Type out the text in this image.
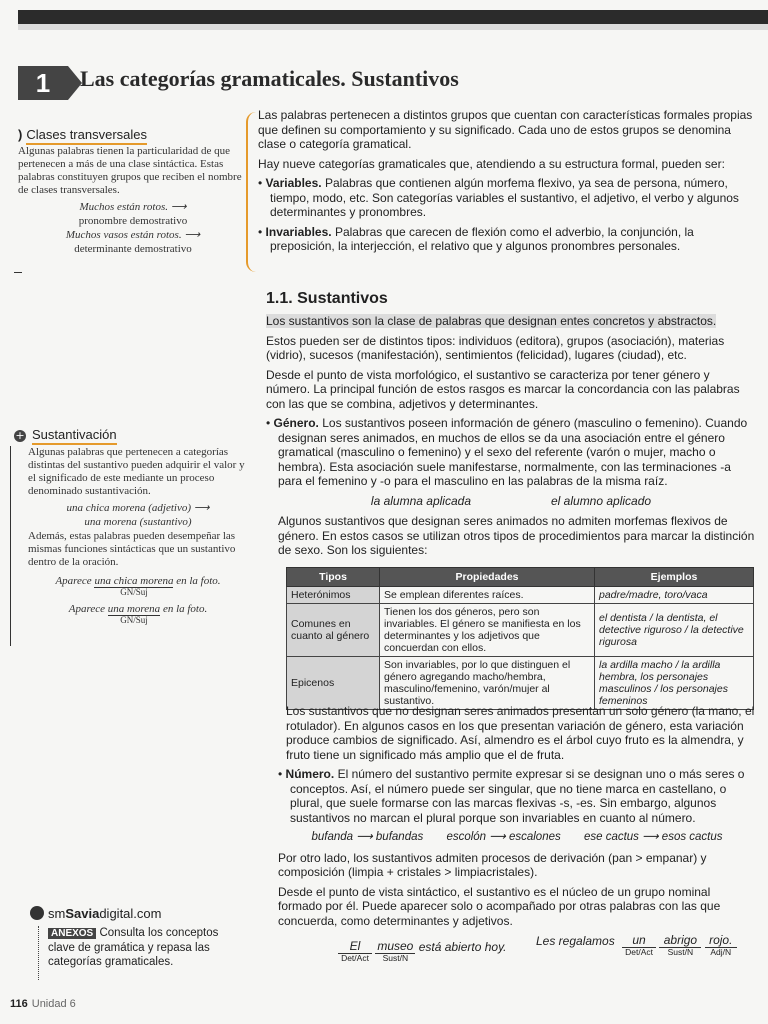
1	Las categorías gramaticales. Sustantivos
) Clases transversales
Algunas palabras tienen la particularidad de que pertenecen a más de una clase sintáctica. Estas palabras constituyen grupos que reciben el nombre de clases transversales.
Muchos están rotos. ⟶
pronombre demostrativo
Muchos vasos están rotos. ⟶
determinante demostrativo
+ Sustantivación
Algunas palabras que pertenecen a categorías distintas del sustantivo pueden adquirir el valor y el significado de este mediante un proceso denominado sustantivación.
una chica morena (adjetivo) ⟶
una morena (sustantivo)
Además, estas palabras pueden desempeñar las mismas funciones sintácticas que un sustantivo dentro de la oración.
Aparece una chica morena
GN/Suj en la foto.
Aparece una morena
GN/Suj en la foto.
Las palabras pertenecen a distintos grupos que cuentan con características formales propias que definen su comportamiento y su significado. Cada uno de estos grupos se denomina clase o categoría gramatical.
Hay nueve categorías gramaticales que, atendiendo a su estructura formal, pueden ser:
• Variables. Palabras que contienen algún morfema flexivo, ya sea de persona, número, tiempo, modo, etc. Son categorías variables el sustantivo, el adjetivo, el verbo y algunos determinantes y pronombres.
• Invariables. Palabras que carecen de flexión como el adverbio, la conjunción, la preposición, la interjección, el relativo que y algunos pronombres personales.
1.1. Sustantivos
Los sustantivos son la clase de palabras que designan entes concretos y abstractos.
Estos pueden ser de distintos tipos: individuos (editora), grupos (asociación), materias (vidrio), sucesos (manifestación), sentimientos (felicidad), lugares (ciudad), etc.
Desde el punto de vista morfológico, el sustantivo se caracteriza por tener género y número. La principal función de estos rasgos es marcar la concordancia con las palabras con las que se combina, adjetivos y determinantes.
• Género. Los sustantivos poseen información de género (masculino o femenino). Cuando designan seres animados, en muchos de ellos se da una asociación entre el género gramatical (masculino o femenino) y el sexo del referente (varón o mujer, macho o hembra). Esta asociación suele manifestarse, normalmente, con las terminaciones -a para el femenino y -o para el masculino en las palabras de la misma raíz.
la alumna aplicada	el alumno aplicado
Algunos sustantivos que designan seres animados no admiten morfemas flexivos de género. En estos casos se utilizan otros tipos de procedimientos para marcar la distinción de sexo. Son los siguientes:
Tipos	Propiedades	Ejemplos
Heterónimos	Se emplean diferentes raíces.	padre/madre, toro/vaca
Comunes en cuanto al género	Tienen los dos géneros, pero son invariables. El género se manifiesta en los determinantes y los adjetivos que concuerdan con ellos.	el dentista / la dentista, el detective riguroso / la detective rigurosa
Epicenos	Son invariables, por lo que distinguen el género agregando macho/hembra, masculino/femenino, varón/mujer al sustantivo.	la ardilla macho / la ardilla hembra, los personajes masculinos / los personajes femeninos
Los sustantivos que no designan seres animados presentan un solo género (la mano, el rotulador). En algunos casos en los que presentan variación de género, esta variación produce cambios de significado. Así, almendro es el árbol cuyo fruto es la almendra, y fruto tiene un significado más amplio que el de fruta.
• Número. El número del sustantivo permite expresar si se designan uno o más seres o conceptos. Así, el número puede ser singular, que no tiene marca en castellano, o plural, que suele formarse con las marcas flexivas -s, -es. Sin embargo, algunos sustantivos no marcan el plural porque son invariables en cuanto al número.
bufanda ⟶ bufandas escolón ⟶ escalones ese cactus ⟶ esos cactus
Por otro lado, los sustantivos admiten procesos de derivación (pan > empanar) y composición (limpia + cristales > limpiacristales).
Desde el punto de vista sintáctico, el sustantivo es el núcleo de un grupo nominal formado por él. Puede aparecer solo o acompañado por otras palabras con las que concuerda, como determinantes y adjetivos.
El
Det/Act
museo
Sust/N está abierto hoy. Les regalamos	un
Det/Act
abrigo
Sust/N
rojo.
Adj/N
smSaviadigital.com
ANEXOS Consulta los conceptos clave de gramática y repasa las categorías gramaticales.
116 Unidad 6
